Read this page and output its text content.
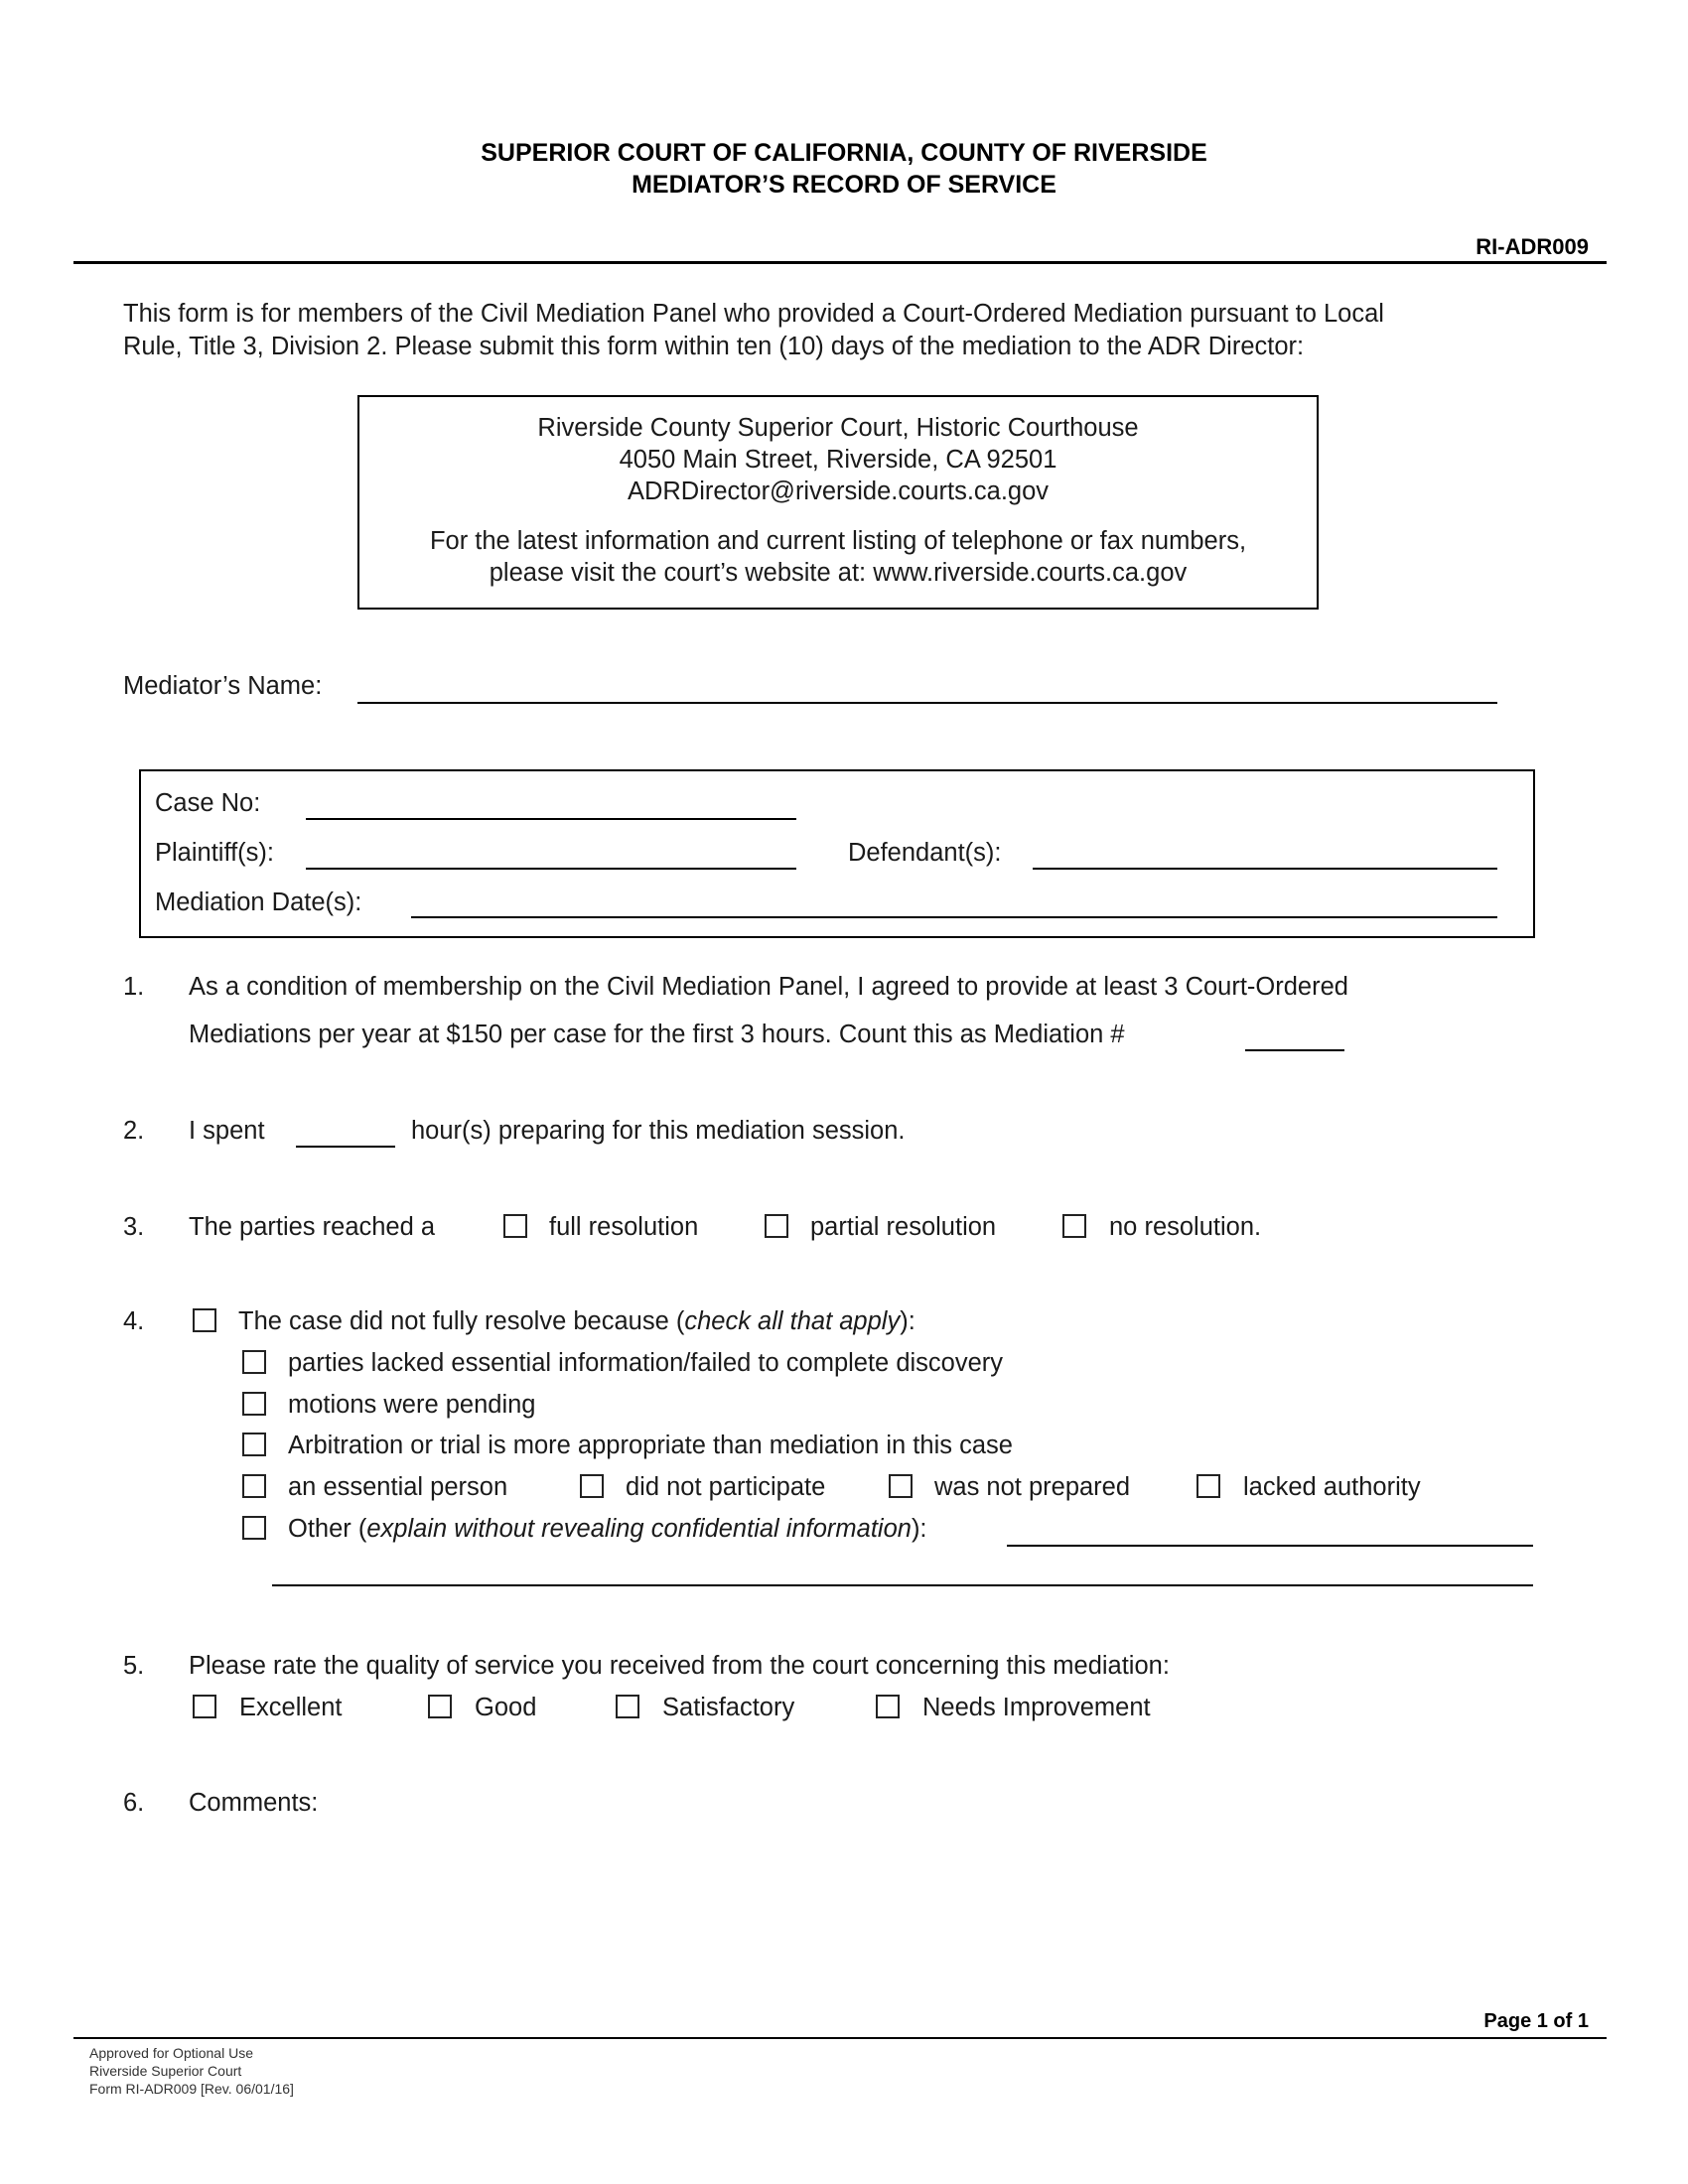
SUPERIOR COURT OF CALIFORNIA, COUNTY OF RIVERSIDE
MEDIATOR’S RECORD OF SERVICE
RI-ADR009
This form is for members of the Civil Mediation Panel who provided a Court-Ordered Mediation pursuant to Local
Rule, Title 3, Division 2. Please submit this form within ten (10) days of the mediation to the ADR Director:
Riverside County Superior Court, Historic Courthouse
4050 Main Street, Riverside, CA 92501
ADRDirector@riverside.courts.ca.gov
For the latest information and current listing of telephone or fax numbers,
please visit the court’s website at: www.riverside.courts.ca.gov
Mediator’s Name:
Case No:
Plaintiff(s):	Defendant(s):
Mediation Date(s):
1. As a condition of membership on the Civil Mediation Panel, I agreed to provide at least 3 Court-Ordered
Mediations per year at $150 per case for the first 3 hours. Count this as Mediation #
2. I spent	hour(s) preparing for this mediation session.
3. The parties reached a	full resolution	partial resolution	no resolution.
4.	The case did not fully resolve because (check all that apply):
parties lacked essential information/failed to complete discovery
motions were pending
Arbitration or trial is more appropriate than mediation in this case
an essential person	did not participate	was not prepared	lacked authority
Other (explain without revealing confidential information):
5. Please rate the quality of service you received from the court concerning this mediation:
Excellent	Good	Satisfactory	Needs Improvement
6. Comments:
Page 1 of 1
Approved for Optional Use
Riverside Superior Court
Form RI-ADR009 [Rev. 06/01/16]
